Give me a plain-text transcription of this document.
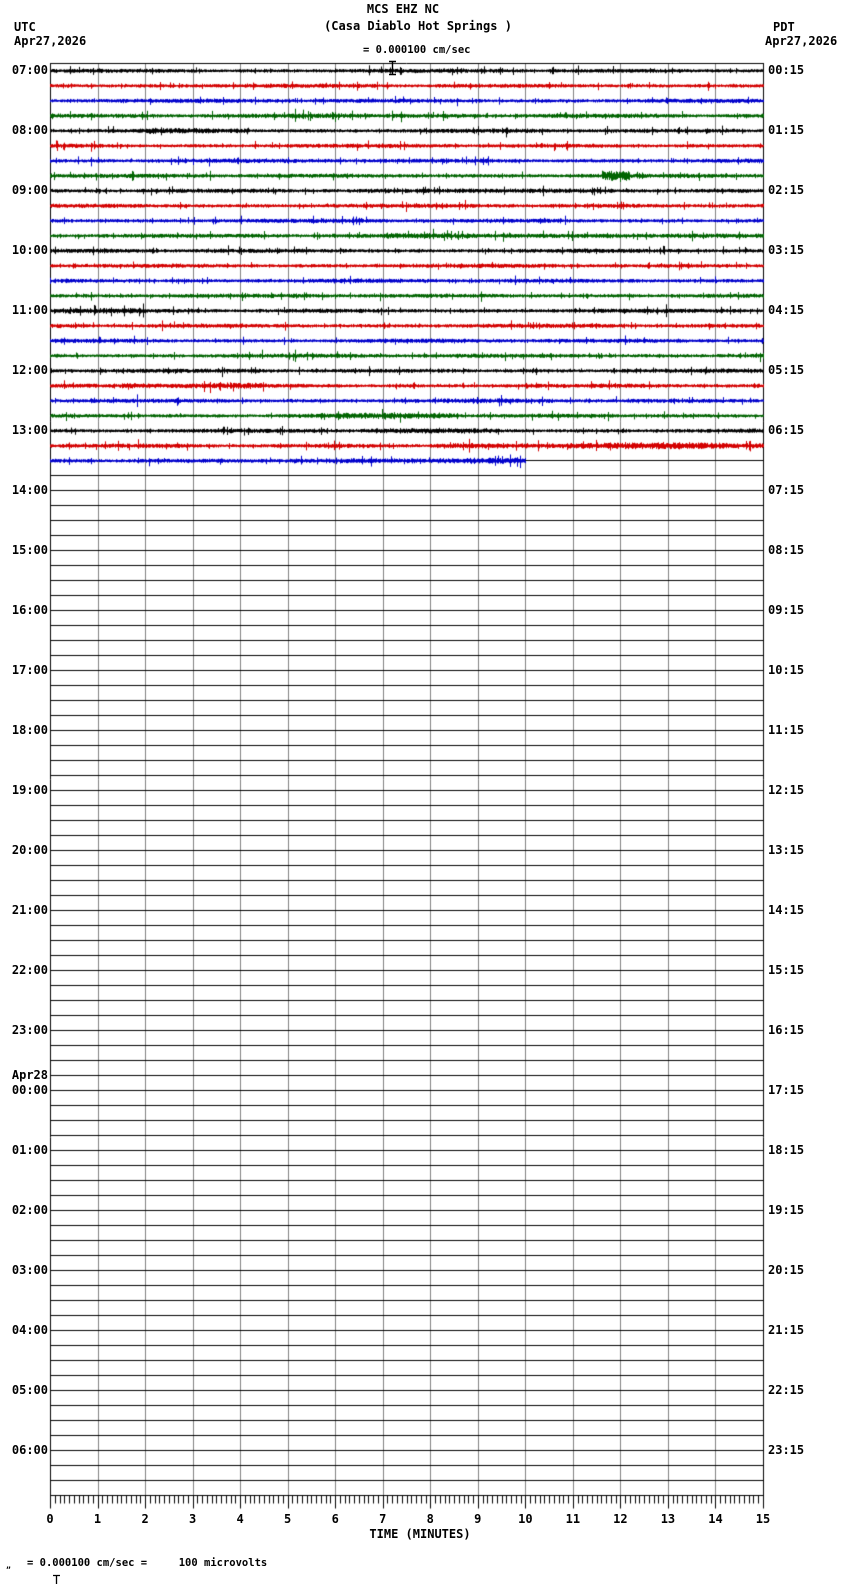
MCS EHZ NC
(Casa Diablo Hot Springs )

= 0.000100 cm/sec
UTC
Apr27,2026
PDT
Apr27,2026
07:00
08:00
09:00
10:00
11:00
12:00
13:00
14:00
15:00
16:00
17:00
18:00
19:00
20:00
21:00
22:00
23:00
00:00
Apr28
01:00
02:00
03:00
04:00
05:00
06:00
00:15
01:15
02:15
03:15
04:15
05:15
06:15
07:15
08:15
09:15
10:15
11:15
12:15
13:15
14:15
15:15
16:15
17:15
18:15
19:15
20:15
21:15
22:15
23:15
0	1	2	3	4	5	6	7	8	9	10	11	12	13	14	15
TIME (MINUTES)
„

= 0.000100 cm/sec =     100 microvolts
